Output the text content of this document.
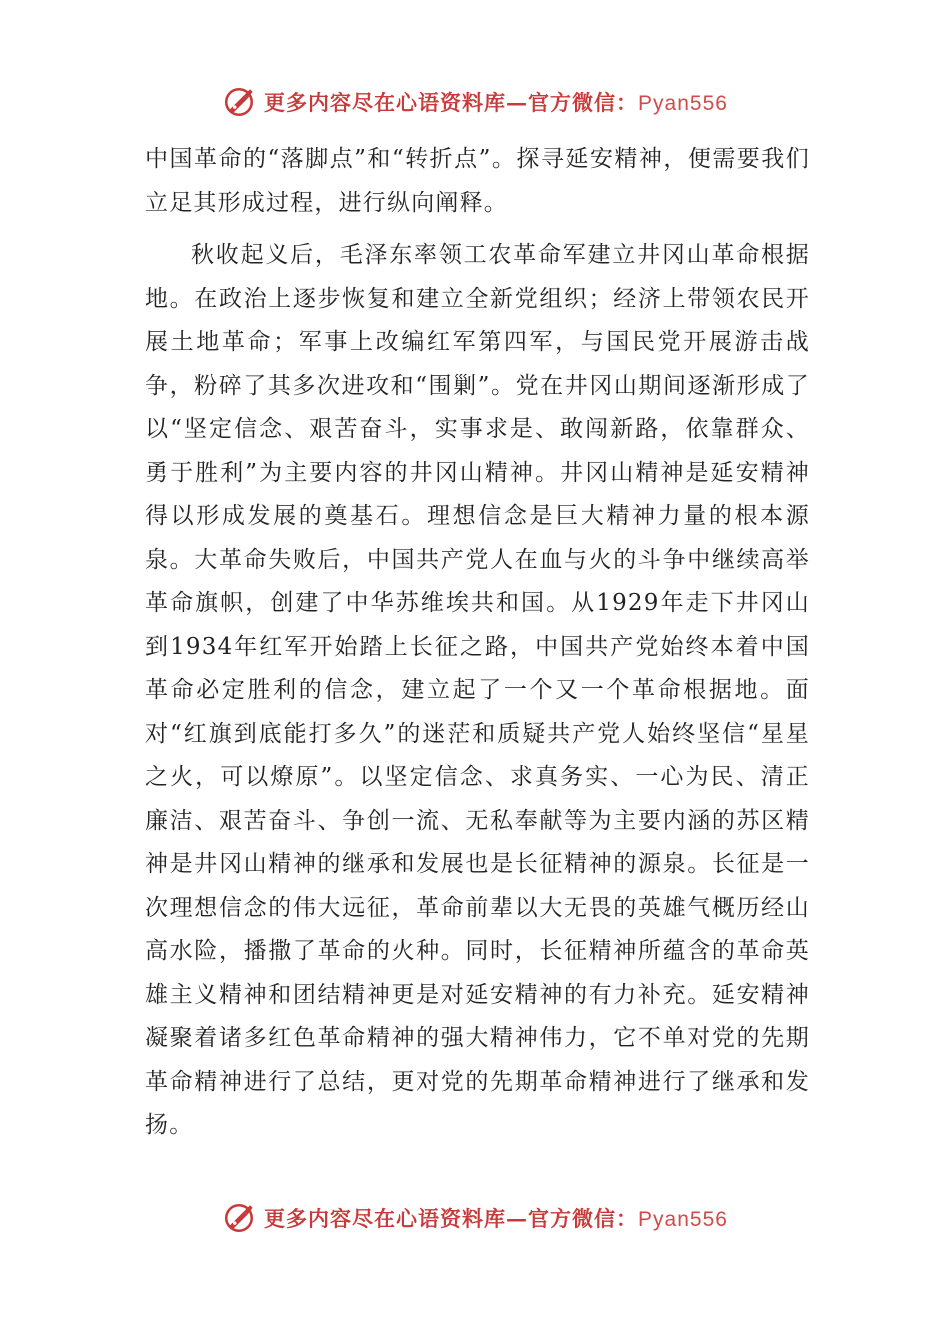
更多内容尽在心语资料库—官方微信：Pyan556

中国革命的“落脚点”和“转折点”。探寻延安精神，便需要我们立足其形成过程，进行纵向阐释。

秋收起义后，毛泽东率领工农革命军建立井冈山革命根据地。在政治上逐步恢复和建立全新党组织；经济上带领农民开展土地革命；军事上改编红军第四军，与国民党开展游击战争，粉碎了其多次进攻和“围剿”。党在井冈山期间逐渐形成了以“坚定信念、艰苦奋斗，实事求是、敢闯新路，依靠群众、勇于胜利”为主要内容的井冈山精神。井冈山精神是延安精神得以形成发展的奠基石。理想信念是巨大精神力量的根本源泉。大革命失败后，中国共产党人在血与火的斗争中继续高举革命旗帜，创建了中华苏维埃共和国。从1929年走下井冈山到1934年红军开始踏上长征之路，中国共产党始终本着中国革命必定胜利的信念，建立起了一个又一个革命根据地。面对“红旗到底能打多久”的迷茫和质疑共产党人始终坚信“星星之火，可以燎原”。以坚定信念、求真务实、一心为民、清正廉洁、艰苦奋斗、争创一流、无私奉献等为主要内涵的苏区精神是井冈山精神的继承和发展也是长征精神的源泉。长征是一次理想信念的伟大远征，革命前辈以大无畏的英雄气概历经山高水险，播撒了革命的火种。同时，长征精神所蕴含的革命英雄主义精神和团结精神更是对延安精神的有力补充。延安精神凝聚着诸多红色革命精神的强大精神伟力，它不单对党的先期革命精神进行了总结，更对党的先期革命精神进行了继承和发扬。

更多内容尽在心语资料库—官方微信：Pyan556
